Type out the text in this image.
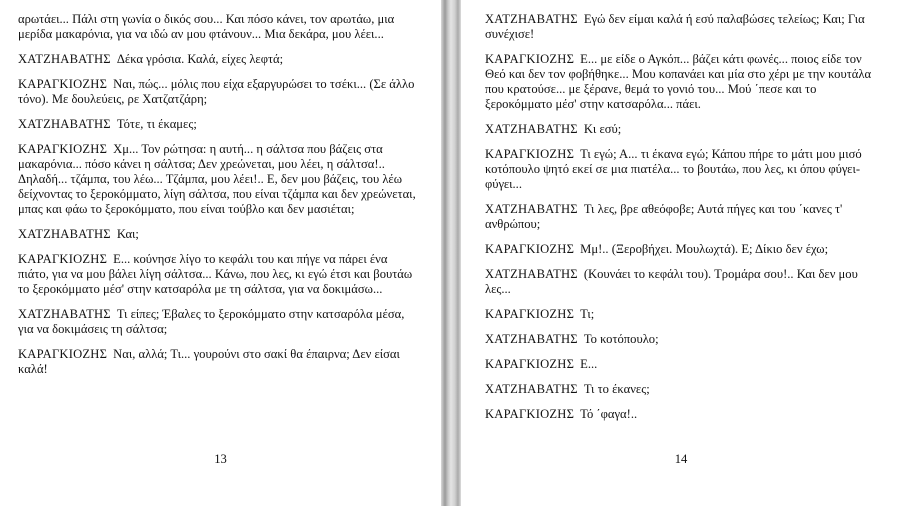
αρωτάει... Πάλι στη γωνία ο δικός σου... Και πόσο κάνει, τον αρωτάω, μια μερίδα μακαρόνια, για να ιδώ αν μου φτάνουν... Μια δεκάρα, μου λέει...

ΧΑΤΖΗΑΒΑΤΗΣ Δέκα γρόσια. Καλά, είχες λεφτά;

ΚΑΡΑΓΚΙΟΖΗΣ Ναι, πώς... μόλις που είχα εξαργυρώσει το τσέκι... (Σε άλλο τόνο). Με δουλεύεις, ρε Χατζατζάρη;

ΧΑΤΖΗΑΒΑΤΗΣ Τότε, τι έκαμες;

ΚΑΡΑΓΚΙΟΖΗΣ Χμ... Τον ρώτησα: η αυτή... η σάλτσα που βάζεις στα μακαρόνια... πόσο κάνει η σάλτσα; Δεν χρεώνεται, μου λέει, η σάλτσα!.. Δηλαδή... τζάμπα, του λέω... Τζάμπα, μου λέει!.. Ε, δεν μου βάζεις, του λέω δείχνοντας το ξεροκόμματο, λίγη σάλτσα, που είναι τζάμπα και δεν χρεώνεται, μπας και φάω το ξεροκόμματο, που είναι τούβλο και δεν μασιέται;

ΧΑΤΖΗΑΒΑΤΗΣ Και;

ΚΑΡΑΓΚΙΟΖΗΣ Ε... κούνησε λίγο το κεφάλι του και πήγε να πάρει ένα πιάτο, για να μου βάλει λίγη σάλτσα... Κάνω, που λες, κι εγώ έτσι και βουτάω το ξεροκόμματο μέσ' στην κατσαρόλα με τη σάλτσα, για να δοκιμάσω...

ΧΑΤΖΗΑΒΑΤΗΣ Τι είπες; Έβαλες το ξεροκόμματο στην κατσαρόλα μέσα, για να δοκιμάσεις τη σάλτσα;

ΚΑΡΑΓΚΙΟΖΗΣ Ναι, αλλά; Τι... γουρούνι στο σακί θα έπαιρνα; Δεν είσαι καλά!

13

ΧΑΤΖΗΑΒΑΤΗΣ Εγώ δεν είμαι καλά ή εσύ παλαβώσες τελείως; Και; Για συνέχισε!

ΚΑΡΑΓΚΙΟΖΗΣ Ε... με είδε ο Αγκόπ... βάζει κάτι φωνές... ποιος είδε τον Θεό και δεν τον φοβήθηκε... Μου κοπανάει και μία στο χέρι με την κουτάλα που κρατούσε... με ξέρανε, θεμά το γονιό του... Μού ΄πεσε και το ξεροκόμματο μέσ' στην κατσαρόλα... πάει.

ΧΑΤΖΗΑΒΑΤΗΣ Κι εσύ;

ΚΑΡΑΓΚΙΟΖΗΣ Τι εγώ; Α... τι έκανα εγώ; Κάπου πήρε το μάτι μου μισό κοτόπουλο ψητό εκεί σε μια πιατέλα... το βουτάω, που λες, κι όπου φύγει-φύγει...

ΧΑΤΖΗΑΒΑΤΗΣ Τι λες, βρε αθεόφοβε; Αυτά πήγες και του ΄κανες τ' ανθρώπου;

ΚΑΡΑΓΚΙΟΖΗΣ Μμ!.. (Ξεροβήχει. Μουλωχτά). Ε; Δίκιο δεν έχω;

ΧΑΤΖΗΑΒΑΤΗΣ (Κουνάει το κεφάλι του). Τρομάρα σου!.. Και δεν μου λες...

ΚΑΡΑΓΚΙΟΖΗΣ Τι;

ΧΑΤΖΗΑΒΑΤΗΣ Το κοτόπουλο;

ΚΑΡΑΓΚΙΟΖΗΣ Ε...

ΧΑΤΖΗΑΒΑΤΗΣ Τι το έκανες;

ΚΑΡΑΓΚΙΟΖΗΣ Τό ΄φαγα!..

14
